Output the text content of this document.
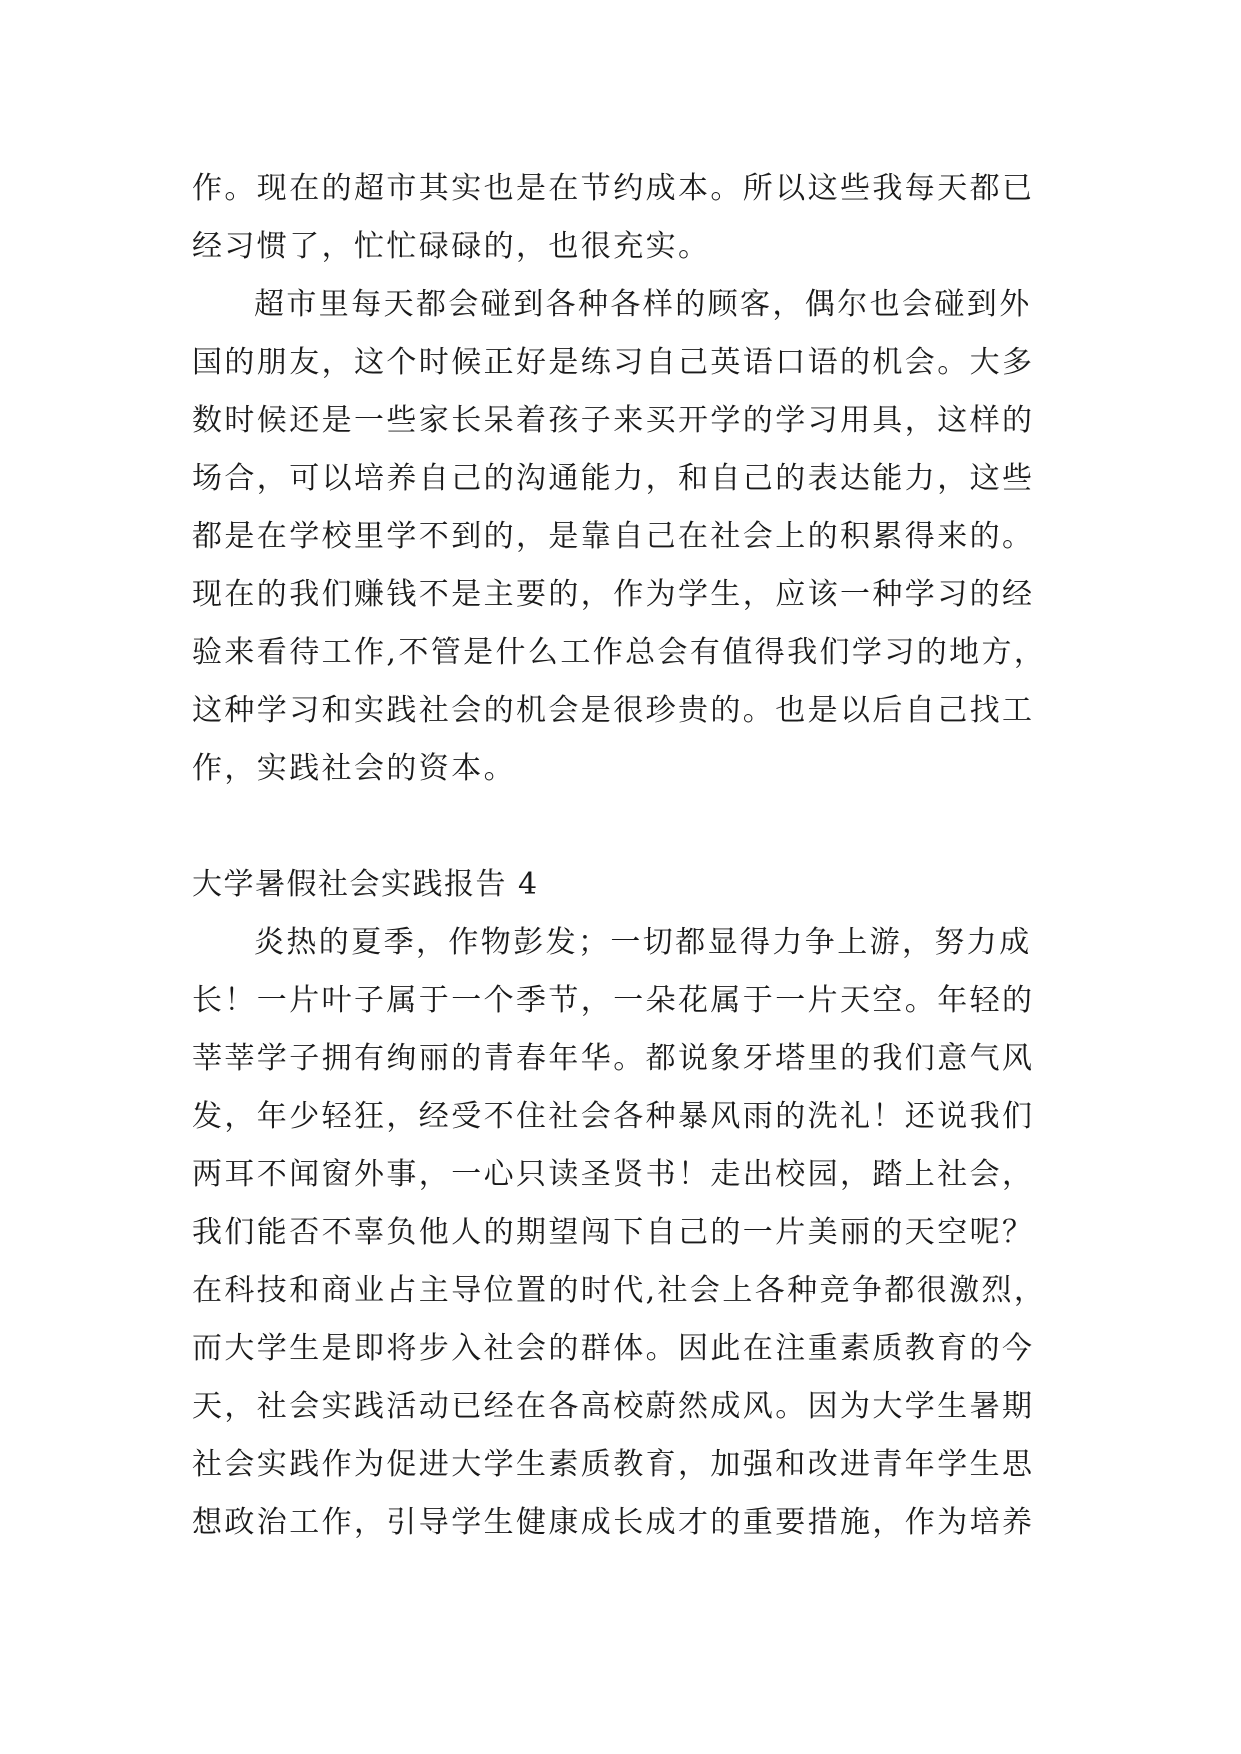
作。现在的超市其实也是在节约成本。所以这些我每天都已
经习惯了，忙忙碌碌的，也很充实。
超市里每天都会碰到各种各样的顾客，偶尔也会碰到外
国的朋友，这个时候正好是练习自己英语口语的机会。大多
数时候还是一些家长呆着孩子来买开学的学习用具，这样的
场合，可以培养自己的沟通能力，和自己的表达能力，这些
都是在学校里学不到的，是靠自己在社会上的积累得来的。
现在的我们赚钱不是主要的，作为学生，应该一种学习的经
验来看待工作,不管是什么工作总会有值得我们学习的地方，
这种学习和实践社会的机会是很珍贵的。也是以后自己找工
作，实践社会的资本。
大学暑假社会实践报告 4
炎热的夏季，作物彭发；一切都显得力争上游，努力成
长！一片叶子属于一个季节，一朵花属于一片天空。年轻的
莘莘学子拥有绚丽的青春年华。都说象牙塔里的我们意气风
发，年少轻狂，经受不住社会各种暴风雨的洗礼！还说我们
两耳不闻窗外事，一心只读圣贤书！走出校园，踏上社会，
我们能否不辜负他人的期望闯下自己的一片美丽的天空呢？
在科技和商业占主导位置的时代,社会上各种竞争都很激烈，
而大学生是即将步入社会的群体。因此在注重素质教育的今
天，社会实践活动已经在各高校蔚然成风。因为大学生暑期
社会实践作为促进大学生素质教育，加强和改进青年学生思
想政治工作，引导学生健康成长成才的重要措施，作为培养
